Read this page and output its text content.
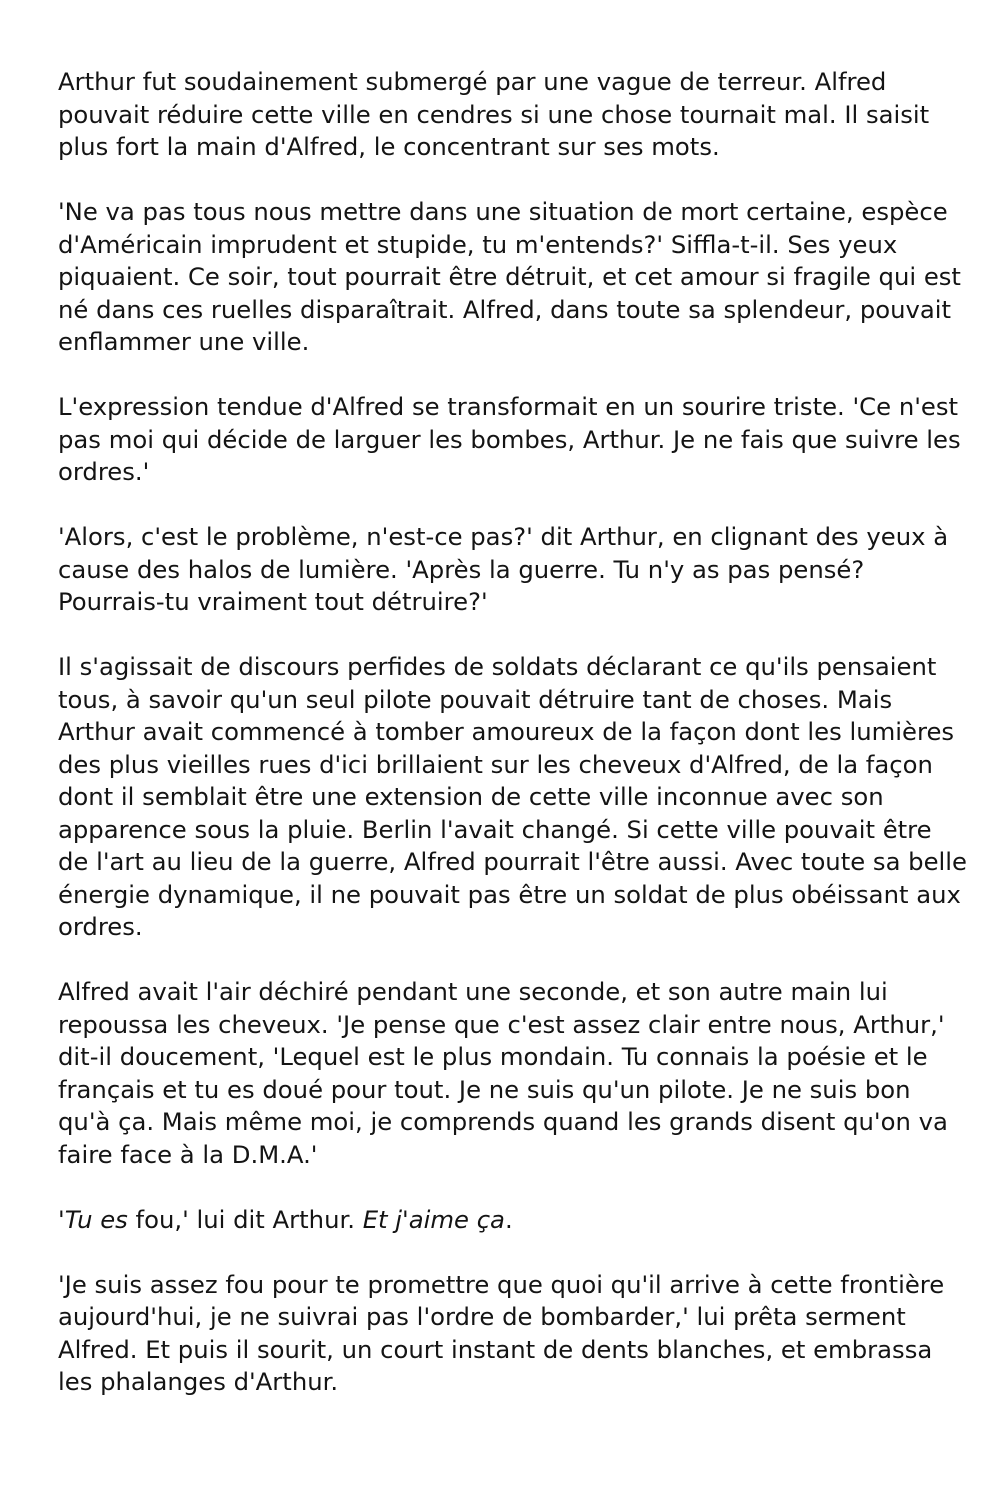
Arthur fut soudainement submergé par une vague de terreur. Alfred pouvait réduire cette ville en cendres si une chose tournait mal. Il saisit plus fort la main d'Alfred, le concentrant sur ses mots.

'Ne va pas tous nous mettre dans une situation de mort certaine, espèce d'Américain imprudent et stupide, tu m'entends?' Siffla-t-il. Ses yeux piquaient. Ce soir, tout pourrait être détruit, et cet amour si fragile qui est né dans ces ruelles disparaîtrait. Alfred, dans toute sa splendeur, pouvait enflammer une ville.

L'expression tendue d'Alfred se transformait en un sourire triste. 'Ce n'est pas moi qui décide de larguer les bombes, Arthur. Je ne fais que suivre les ordres.'

'Alors, c'est le problème, n'est-ce pas?' dit Arthur, en clignant des yeux à cause des halos de lumière. 'Après la guerre. Tu n'y as pas pensé? Pourrais-tu vraiment tout détruire?'

Il s'agissait de discours perfides de soldats déclarant ce qu'ils pensaient tous, à savoir qu'un seul pilote pouvait détruire tant de choses. Mais Arthur avait commencé à tomber amoureux de la façon dont les lumières des plus vieilles rues d'ici brillaient sur les cheveux d'Alfred, de la façon dont il semblait être une extension de cette ville inconnue avec son apparence sous la pluie. Berlin l'avait changé. Si cette ville pouvait être de l'art au lieu de la guerre, Alfred pourrait l'être aussi. Avec toute sa belle énergie dynamique, il ne pouvait pas être un soldat de plus obéissant aux ordres.

Alfred avait l'air déchiré pendant une seconde, et son autre main lui repoussa les cheveux. 'Je pense que c'est assez clair entre nous, Arthur,' dit-il doucement, 'Lequel est le plus mondain. Tu connais la poésie et le français et tu es doué pour tout. Je ne suis qu'un pilote. Je ne suis bon qu'à ça. Mais même moi, je comprends quand les grands disent qu'on va faire face à la D.M.A.'

'Tu es fou,' lui dit Arthur. Et j'aime ça.

'Je suis assez fou pour te promettre que quoi qu'il arrive à cette frontière aujourd'hui, je ne suivrai pas l'ordre de bombarder,' lui prêta serment Alfred. Et puis il sourit, un court instant de dents blanches, et embrassa les phalanges d'Arthur.
